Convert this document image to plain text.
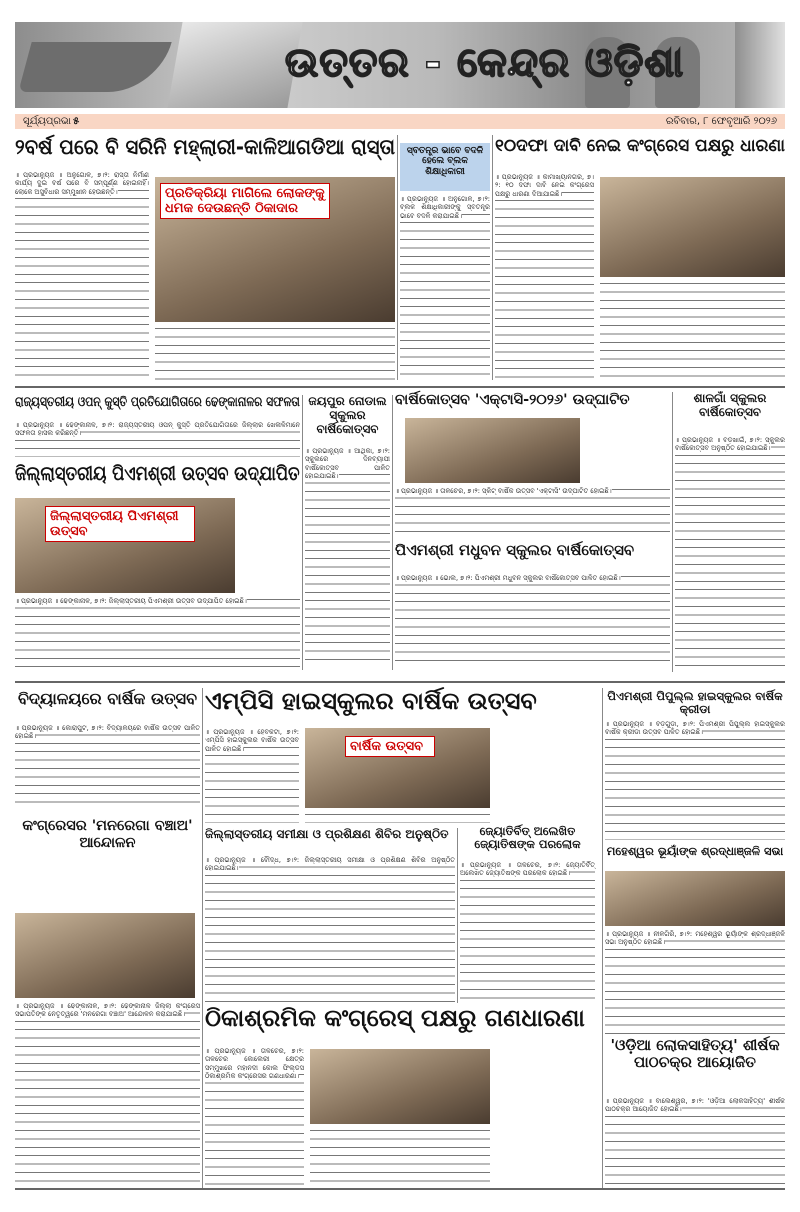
ଉତ୍ତର - କେନ୍ଦ୍ର ଓଡ଼ିଶା
ସୂର୍ଯ୍ୟପ୍ରଭା ୫	ରବିବାର, ୮ ଫେବୃଆରି ୨୦୨୬
୨ବର୍ଷ ପରେ ବି ସରିନି ମହ୍ଲାରୀ-କାଳିଆଗଡିଆ ରାସ୍ତା
ପ୍ରତିକ୍ରିୟା ମାଗିଲେ ଲୋକଙ୍କୁ ଧମକ ଦେଉଛନ୍ତି ଠିକାଦାର
॥ ପ୍ରଭାନ୍ୟୁଜ ॥ ଅନୁଗୋଳ, ୭।୨: ରାସ୍ତା ନିର୍ମାଣ କାର୍ଯ୍ୟ ଦୁଇ ବର୍ଷ ପରେ ବି ସମ୍ପୂର୍ଣ୍ଣ ହୋଇନାହିଁ। ଲୋକେ ଅସୁବିଧାର ସମ୍ମୁଖୀନ ହେଉଛନ୍ତି।
ସ୍ବତନ୍ତ୍ର ଭାବେ ବଦଳି ହେଲେ ବ୍ଲକ ଶିକ୍ଷାଧିକାରୀ
॥ ପ୍ରଭାନ୍ୟୁଜ ॥ ଅନୁଗୋଳ, ୭।୨: ବ୍ଲକ ଶିକ୍ଷାଧିକାରୀଙ୍କୁ ସ୍ବତନ୍ତ୍ର ଭାବେ ବଦଳି କରାଯାଇଛି।
୧୦ଦଫା ଦାବି ନେଇ କଂଗ୍ରେସ ପକ୍ଷରୁ ଧାରଣା
॥ ପ୍ରଭାନ୍ୟୁଜ ॥ କାମାଖ୍ୟାନଗର, ୭।୨: ୧୦ ଦଫା ଦାବି ନେଇ କଂଗ୍ରେସ ପକ୍ଷରୁ ଧାରଣା ଦିଆଯାଇଛି।
ରାଜ୍ୟସ୍ତରୀୟ ଓପନ୍ କୁସ୍ତି ପ୍ରତିଯୋଗିତାରେ ଢେଙ୍କାନାଳର ସଫଳତା
॥ ପ୍ରଭାନ୍ୟୁଜ ॥ ଢେଙ୍କାନାଳ, ୭।୨: ରାଜ୍ୟସ୍ତରୀୟ ଓପନ୍ କୁସ୍ତି ପ୍ରତିଯୋଗିତାରେ ଜିଲ୍ଲାର ଖେଳାଳିମାନେ ସଫଳତା ହାସଲ କରିଛନ୍ତି।
ଜୟପୁର ନୋଡାଲ ସ୍କୁଲର ବାର୍ଷିକୋତ୍ସବ
॥ ପ୍ରଭାନ୍ୟୁଜ ॥ ଆଥିକା, ୭।୨: ସ୍କୁଲରେ ଦିନବ୍ୟାପୀ ବାର୍ଷିକୋତ୍ସବ ପାଳିତ ହୋଇଯାଇଛି।
ବାର୍ଷିକୋତ୍ସବ 'ଏକ୍ଟାସି-୨୦୨୬' ଉଦ୍‌ଘାଟିତ
॥ ପ୍ରଭାନ୍ୟୁଜ ॥ ତାଳଚେର, ୭।୨: ସ୍କିଟ୍ ବାର୍ଷିକ ଉତ୍ସବ 'ଏକ୍ଟାସି' ଉଦ୍‌ଘାଟିତ ହୋଇଛି।
ଶାଳଗାଁ ସ୍କୁଲର ବାର୍ଷିକୋତ୍ସବ
॥ ପ୍ରଭାନ୍ୟୁଜ ॥ ବଡ଼ଖାଇଁ, ୭।୨: ସ୍କୁଲର ବାର୍ଷିକୋତ୍ସବ ଅନୁଷ୍ଠିତ ହୋଇଯାଇଛି।
ଜିଲ୍ଲାସ୍ତରୀୟ ପିଏମଶ୍ରୀ ଉତ୍ସବ ଉଦ୍‌ଯାପିତ
ଜିଲ୍ଲାସ୍ତରୀୟ ପିଏମଶ୍ରୀ ଉତ୍ସବ
॥ ପ୍ରଭାନ୍ୟୁଜ ॥ ଢେଙ୍କାନାଳ, ୭।୨: ଜିଲ୍ଲାସ୍ତରୀୟ ପିଏମଶ୍ରୀ ଉତ୍ସବ ଉଦ୍‌ଯାପିତ ହୋଇଛି।
ପିଏମଶ୍ରୀ ମଧୁବନ ସ୍କୁଲର ବାର୍ଷିକୋତ୍ସବ
॥ ପ୍ରଭାନ୍ୟୁଜ ॥ ଭୋଲ, ୭।୨: ପିଏମଶ୍ରୀ ମଧୁବନ ସ୍କୁଲର ବାର୍ଷିକୋତ୍ସବ ପାଳିତ ହୋଇଛି।
ବିଦ୍ୟାଳୟରେ ବାର୍ଷିକ ଉତ୍ସବ
॥ ପ୍ରଭାନ୍ୟୁଜ ॥ କୋରାପୁଟ, ୭।୨: ବିଦ୍ୟାଳୟରେ ବାର୍ଷିକ ଉତ୍ସବ ପାଳିତ ହୋଇଛି।
ଏମ୍‌ପିସି ହାଇସ୍କୁଲର ବାର୍ଷିକ ଉତ୍ସବ
ବାର୍ଷିକ ଉତ୍ସବ
॥ ପ୍ରଭାନ୍ୟୁଜ ॥ ହେବକଟା, ୭।୨: ଏମ୍‌ପିସି ହାଇସ୍କୁଲର ବାର୍ଷିକ ଉତ୍ସବ ପାଳିତ ହୋଇଛି।
ପିଏମଶ୍ରୀ ପିପୁଲ୍ଲ ହାଇସ୍କୁଲର ବାର୍ଷିକ କ୍ରୀଡା
॥ ପ୍ରଭାନ୍ୟୁଜ ॥ ବଡ଼ଗୁଡ଼ା, ୭।୨: ପିଏମଶ୍ରୀ ପିପୁଲ୍ଲ ହାଇସ୍କୁଲର ବାର୍ଷିକ କ୍ରୀଡା ଉତ୍ସବ ପାଳିତ ହୋଇଛି।
କଂଗ୍ରେସର 'ମନରେଗା ବଞ୍ଚାଅ' ଆନ୍ଦୋଳନ
॥ ପ୍ରଭାନ୍ୟୁଜ ॥ ଢେଙ୍କାନାଳ, ୭।୨: ଢେଙ୍କାନାଳ ଜିଲ୍ଲା କଂଗ୍ରେସ ସଭାପତିଙ୍କ ନେତୃତ୍ୱରେ 'ମନରେଗା ବଞ୍ଚାଅ' ଆନ୍ଦୋଳନ କରାଯାଇଛି।
ଜିଲ୍ଲାସ୍ତରୀୟ ସମୀକ୍ଷା ଓ ପ୍ରଶିକ୍ଷଣ ଶିବିର ଅନୁଷ୍ଠିତ
॥ ପ୍ରଭାନ୍ୟୁଜ ॥ ବୌଦ୍ଧ, ୭।୨: ଜିଲ୍ଲାସ୍ତରୀୟ ସମୀକ୍ଷା ଓ ପ୍ରଶିକ୍ଷଣ ଶିବିର ଅନୁଷ୍ଠିତ ହୋଇଯାଇଛି।
ଜ୍ୟୋତିର୍ବିତ୍ ଅଲେଖିତ ଜ୍ୟୋତିଷଙ୍କ ପରଲୋକ
॥ ପ୍ରଭାନ୍ୟୁଜ ॥ ତାଳଚେର, ୭।୨: ଜ୍ୟୋତିର୍ବିତ୍ ଅଲେଖିତ ଜ୍ୟୋତିଷଙ୍କ ପରଲୋକ ହୋଇଛି।
ମହେଶ୍ୱର ଭୂୟାଁଙ୍କ ଶ୍ରଦ୍ଧାଞ୍ଜଳି ସଭା
॥ ପ୍ରଭାନ୍ୟୁଜ ॥ ନୀଳଗିରି, ୭।୨: ମହେଶ୍ୱର ଭୂୟାଁଙ୍କ ଶ୍ରଦ୍ଧାଞ୍ଜଳି ସଭା ଅନୁଷ୍ଠିତ ହୋଇଛି।
ଠିକାଶ୍ରମିକ କଂଗ୍ରେସ୍ ପକ୍ଷରୁ ଗଣଧାରଣା
॥ ପ୍ରଭାନ୍ୟୁଜ ॥ ତାଳଚେର, ୭।୨: ତାଳଚେର କୋଲେରୀ କ୍ଷେତ୍ର ସମ୍ମୁଖରେ ମହାନଦୀ କୋଲ ଫିଲ୍ଡସ ଠିକାଶ୍ରମିକ କଂଗ୍ରେସର ଗଣଧାରଣା।
'ଓଡ଼ିଆ ଲୋକସାହିତ୍ୟ' ଶୀର୍ଷକ ପାଠଚକ୍ର ଆୟୋଜିତ
॥ ପ୍ରଭାନ୍ୟୁଜ ॥ ବାଲେଶ୍ୱର, ୭।୨: 'ଓଡ଼ିଆ ଲୋକସାହିତ୍ୟ' ଶୀର୍ଷକ ପାଠଚକ୍ର ଆୟୋଜିତ ହୋଇଛି।
